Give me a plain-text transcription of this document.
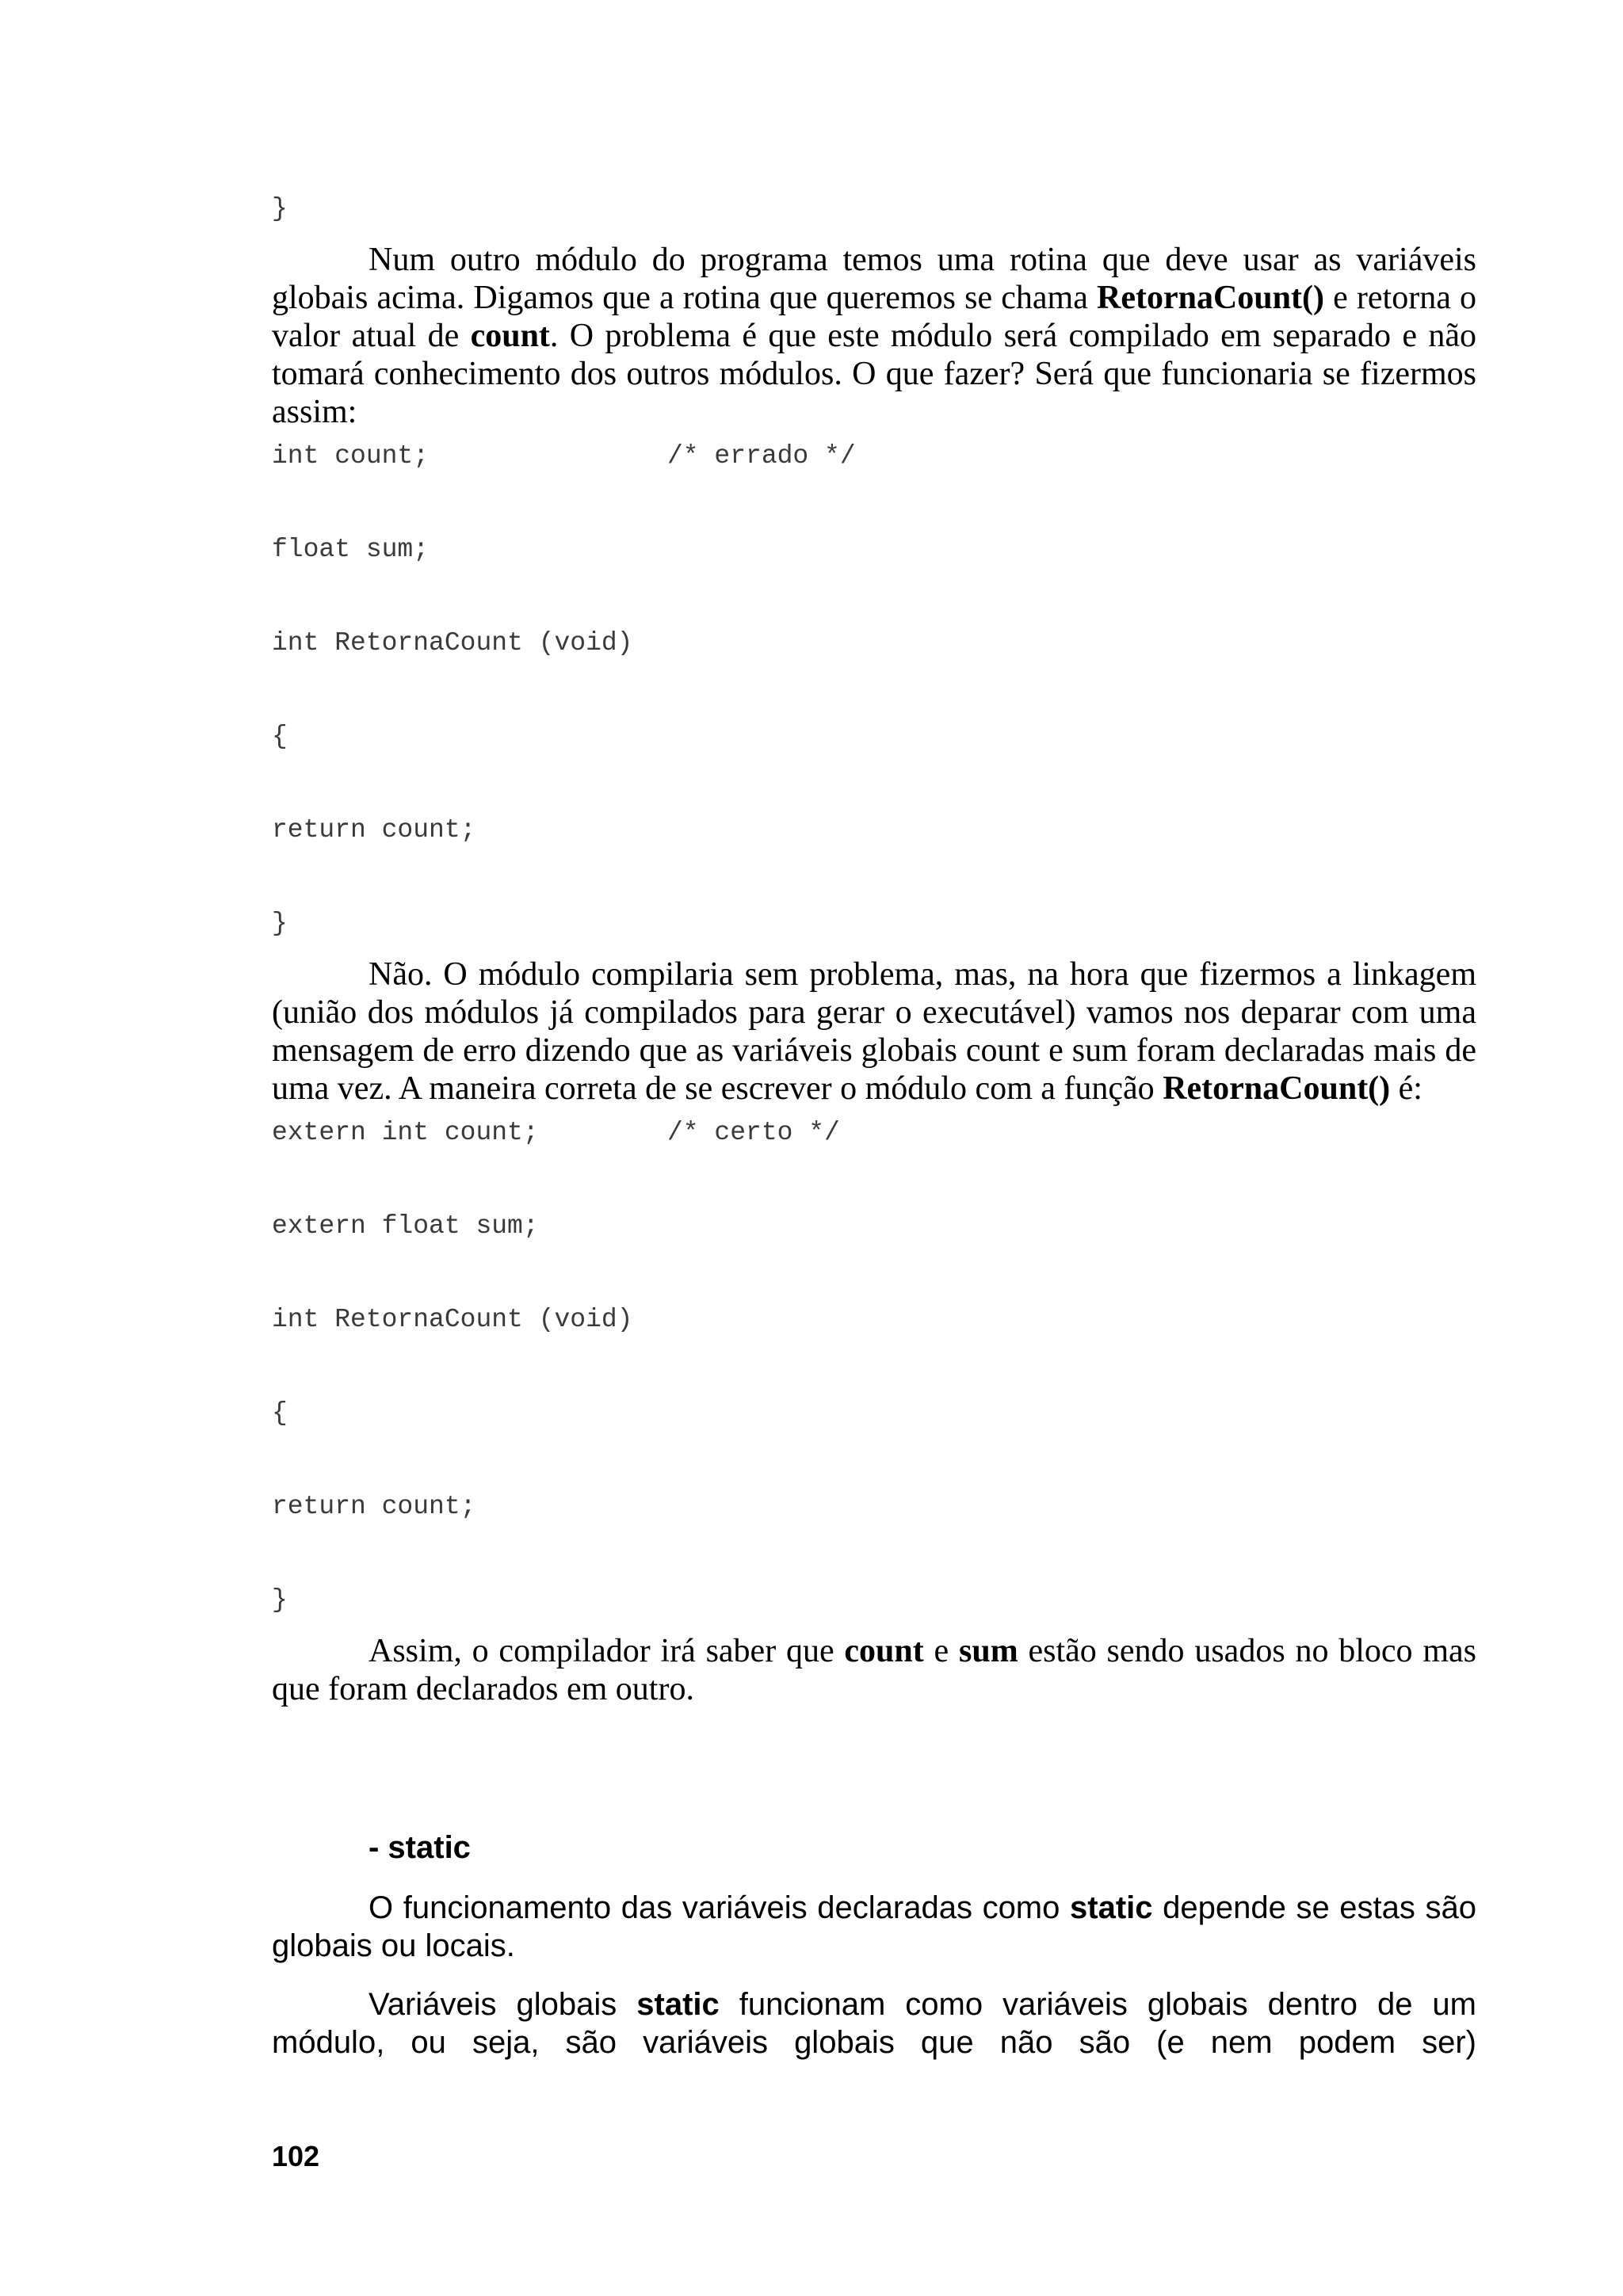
}

Num outro módulo do programa temos uma rotina que deve usar as variáveis globais acima. Digamos que a rotina que queremos se chama RetornaCount() e retorna o valor atual de count. O problema é que este módulo será compilado em separado e não tomará conhecimento dos outros módulos. O que fazer? Será que funcionaria se fizermos assim:

int count;	/* errado */
float sum;
int RetornaCount (void)
{
return count;
}

Não. O módulo compilaria sem problema, mas, na hora que fizermos a linkagem (união dos módulos já compilados para gerar o executável) vamos nos deparar com uma mensagem de erro dizendo que as variáveis globais count e sum foram declaradas mais de uma vez. A maneira correta de se escrever o módulo com a função RetornaCount() é:

extern int count;	/* certo */
extern float sum;
int RetornaCount (void)
{
return count;
}

Assim, o compilador irá saber que count e sum estão sendo usados no bloco mas que foram declarados em outro.

- static

O funcionamento das variáveis declaradas como static depende se estas são globais ou locais.

Variáveis globais static funcionam como variáveis globais dentro de um módulo, ou seja, são variáveis globais que não são (e nem podem ser)

102
